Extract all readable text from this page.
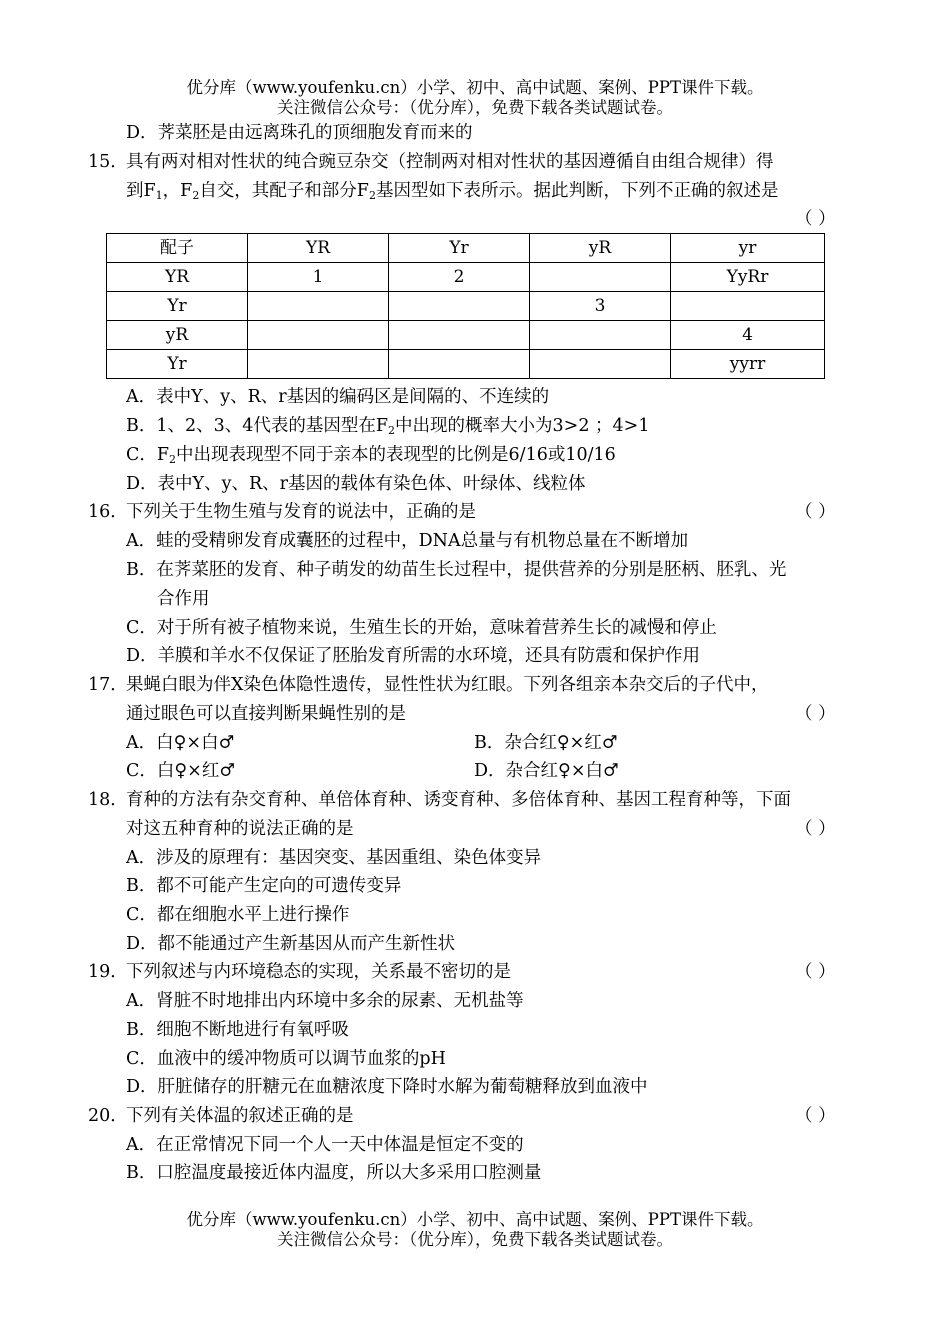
优分库（www.youfenku.cn）小学、初中、高中试题、案例、PPT课件下载。
关注微信公众号：（优分库），免费下载各类试题试卷。
D．荠菜胚是由远离珠孔的顶细胞发育而来的
15．
具有两对相对性状的纯合豌豆杂交（控制两对相对性状的基因遵循自由组合规律）得
到$F_1$，$F_2$自交，其配子和部分$F_2$基因型如下表所示。据此判断，下列不正确的叙述是
（ ）
配子	YR	Yr	yR	yr
YR	1	2		YyRr
Yr			3	
yR				4
Yr				yyrr
A．表中Y、y、R、r基因的编码区是间隔的、不连续的
B．1、2、3、4代表的基因型在$F_2$中出现的概率大小为3>2 ；4>1
C．$F_2$中出现表现型不同于亲本的表现型的比例是6/16或10/16
D．表中Y、y、R、r基因的载体有染色体、叶绿体、线粒体
16．
下列关于生物生殖与发育的说法中，正确的是	（ ）
A．蛙的受精卵发育成囊胚的过程中，DNA总量与有机物总量在不断增加
B．在荠菜胚的发育、种子萌发的幼苗生长过程中，提供营养的分别是胚柄、胚乳、光
合作用
C．对于所有被子植物来说，生殖生长的开始，意味着营养生长的减慢和停止
D．羊膜和羊水不仅保证了胚胎发育所需的水环境，还具有防震和保护作用
17．
果蝇白眼为伴X染色体隐性遗传，显性性状为红眼。下列各组亲本杂交后的子代中，
通过眼色可以直接判断果蝇性别的是	（ ）
A．白♀×白♂	B．杂合红♀×红♂
C．白♀×红♂	D．杂合红♀×白♂
18．
育种的方法有杂交育种、单倍体育种、诱变育种、多倍体育种、基因工程育种等，下面
对这五种育种的说法正确的是	（ ）
A．涉及的原理有：基因突变、基因重组、染色体变异
B．都不可能产生定向的可遗传变异
C．都在细胞水平上进行操作
D．都不能通过产生新基因从而产生新性状
19．
下列叙述与内环境稳态的实现，关系最不密切的是	（ ）
A．肾脏不时地排出内环境中多余的尿素、无机盐等
B．细胞不断地进行有氧呼吸
C．血液中的缓冲物质可以调节血浆的pH
D．肝脏储存的肝糖元在血糖浓度下降时水解为葡萄糖释放到血液中
20．
下列有关体温的叙述正确的是	（ ）
A．在正常情况下同一个人一天中体温是恒定不变的
B．口腔温度最接近体内温度，所以大多采用口腔测量
优分库（www.youfenku.cn）小学、初中、高中试题、案例、PPT课件下载。
关注微信公众号：（优分库），免费下载各类试题试卷。
